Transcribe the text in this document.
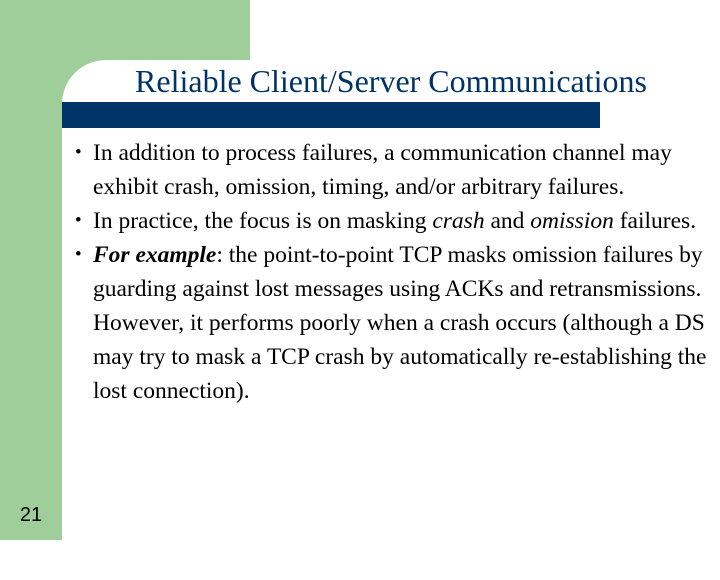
Reliable Client/Server Communications
• In addition to process failures, a communication channel may exhibit crash, omission, timing, and/or arbitrary failures.
• In practice, the focus is on masking crash and omission failures.
• For example: the point-to-point TCP masks omission failures by guarding against lost messages using ACKs and retransmissions. However, it performs poorly when a crash occurs (although a DS may try to mask a TCP crash by automatically re-establishing the lost connection).
21
